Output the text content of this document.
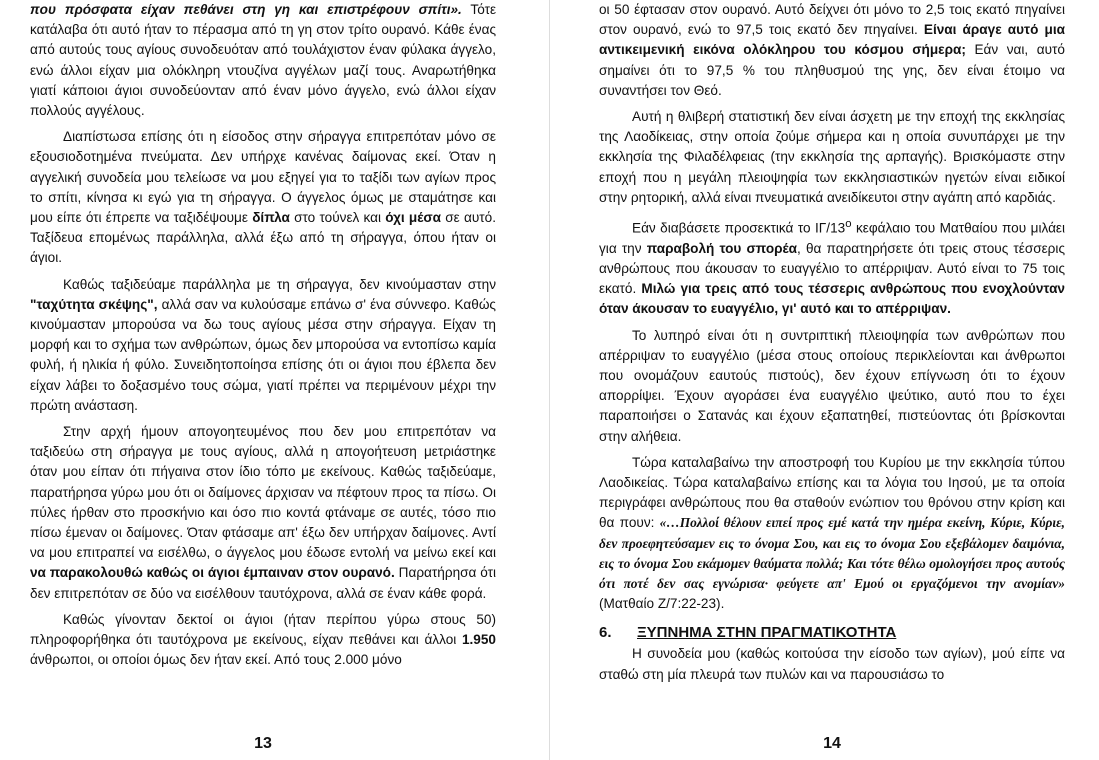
που πρόσφατα είχαν πεθάνει στη γη και επιστρέφουν σπίτι». Τότε κατάλαβα ότι αυτό ήταν το πέρασμα από τη γη στον τρίτο ουρανό. Κάθε ένας από αυτούς τους αγίους συνοδευόταν από τουλάχιστον έναν φύλακα άγγελο, ενώ άλλοι είχαν μια ολόκληρη ντουζίνα αγγέλων μαζί τους. Αναρωτήθηκα γιατί κάποιοι άγιοι συνοδεύονταν από έναν μόνο άγγελο, ενώ άλλοι είχαν πολλούς αγγέλους.

Διαπίστωσα επίσης ότι η είσοδος στην σήραγγα επιτρεπόταν μόνο σε εξουσιοδοτημένα πνεύματα. Δεν υπήρχε κανένας δαίμονας εκεί. Όταν η αγγελική συνοδεία μου τελείωσε να μου εξηγεί για το ταξίδι των αγίων προς το σπίτι, κίνησα κι εγώ για τη σήραγγα. Ο άγγελος όμως με σταμάτησε και μου είπε ότι έπρεπε να ταξιδέψουμε δίπλα στο τούνελ και όχι μέσα σε αυτό. Ταξίδευα επομένως παράλληλα, αλλά έξω από τη σήραγγα, όπου ήταν οι άγιοι.

Καθώς ταξιδεύαμε παράλληλα με τη σήραγγα, δεν κινούμασταν στην "ταχύτητα σκέψης", αλλά σαν να κυλούσαμε επάνω σ' ένα σύννεφο. Καθώς κινούμασταν μπορούσα να δω τους αγίους μέσα στην σήραγγα. Είχαν τη μορφή και το σχήμα των ανθρώπων, όμως δεν μπορούσα να εντοπίσω καμία φυλή, ή ηλικία ή φύλο. Συνειδητοποίησα επίσης ότι οι άγιοι που έβλεπα δεν είχαν λάβει το δοξασμένο τους σώμα, γιατί πρέπει να περιμένουν μέχρι την πρώτη ανάσταση.

Στην αρχή ήμουν απογοητευμένος που δεν μου επιτρεπόταν να ταξιδεύω στη σήραγγα με τους αγίους, αλλά η απογοήτευση μετριάστηκε όταν μου είπαν ότι πήγαινα στον ίδιο τόπο με εκείνους. Καθώς ταξιδεύαμε, παρατήρησα γύρω μου ότι οι δαίμονες άρχισαν να πέφτουν προς τα πίσω. Οι πύλες ήρθαν στο προσκήνιο και όσο πιο κοντά φτάναμε σε αυτές, τόσο πιο πίσω έμεναν οι δαίμονες. Όταν φτάσαμε απ' έξω δεν υπήρχαν δαίμονες. Αντί να μου επιτραπεί να εισέλθω, ο άγγελος μου έδωσε εντολή να μείνω εκεί και να παρακολουθώ καθώς οι άγιοι έμπαιναν στον ουρανό. Παρατήρησα ότι δεν επιτρεπόταν σε δύο να εισέλθουν ταυτόχρονα, αλλά σε έναν κάθε φορά.

Καθώς γίνονταν δεκτοί οι άγιοι (ήταν περίπου γύρω στους 50) πληροφορήθηκα ότι ταυτόχρονα με εκείνους, είχαν πεθάνει και άλλοι 1.950 άνθρωποι, οι οποίοι όμως δεν ήταν εκεί. Από τους 2.000 μόνο

13

οι 50 έφτασαν στον ουρανό. Αυτό δείχνει ότι μόνο το 2,5 τοις εκατό πηγαίνει στον ουρανό, ενώ το 97,5 τοις εκατό δεν πηγαίνει. Είναι άραγε αυτό μια αντικειμενική εικόνα ολόκληρου του κόσμου σήμερα; Εάν ναι, αυτό σημαίνει ότι το 97,5 % του πληθυσμού της γης, δεν είναι έτοιμο να συναντήσει τον Θεό.

Αυτή η θλιβερή στατιστική δεν είναι άσχετη με την εποχή της εκκλησίας της Λαοδίκειας, στην οποία ζούμε σήμερα και η οποία συνυπάρχει με την εκκλησία της Φιλαδέλφειας (την εκκλησία της αρπαγής). Βρισκόμαστε στην εποχή που η μεγάλη πλειοψηφία των εκκλησιαστικών ηγετών είναι ειδικοί στην ρητορική, αλλά είναι πνευματικά ανειδίκευτοι στην αγάπη από καρδιάς.

Εάν διαβάσετε προσεκτικά το $I\Gamma/13^o$ κεφάλαιο του Ματθαίου που μιλάει για την παραβολή του σπορέα, θα παρατηρήσετε ότι τρεις στους τέσσερις ανθρώπους που άκουσαν το ευαγγέλιο το απέρριψαν. Αυτό είναι το 75 τοις εκατό. Μιλώ για τρεις από τους τέσσερις ανθρώπους που ενοχλούνταν όταν άκουσαν το ευαγγέλιο, γι' αυτό και το απέρριψαν.

Το λυπηρό είναι ότι η συντριπτική πλειοψηφία των ανθρώπων που απέρριψαν το ευαγγέλιο (μέσα στους οποίους περικλείονται και άνθρωποι που ονομάζουν εαυτούς πιστούς), δεν έχουν επίγνωση ότι το έχουν απορρίψει. Έχουν αγοράσει ένα ευαγγέλιο ψεύτικο, αυτό που το έχει παραποιήσει ο Σατανάς και έχουν εξαπατηθεί, πιστεύοντας ότι βρίσκονται στην αλήθεια.

Τώρα καταλαβαίνω την αποστροφή του Κυρίου με την εκκλησία τύπου Λαοδικείας. Τώρα καταλαβαίνω επίσης και τα λόγια του Ιησού, με τα οποία περιγράφει ανθρώπους που θα σταθούν ενώπιον του θρόνου στην κρίση και θα πουν: «…Πολλοί θέλουν ειπεί προς εμέ κατά την ημέρα εκείνη, Κύριε, Κύριε, δεν προεφητεύσαμεν εις το όνομα Σου, και εις το όνομα Σου εξεβάλομεν δαιμόνια, εις το όνομα Σου εκάμομεν θαύματα πολλά; Και τότε θέλω ομολογήσει προς αυτούς ότι ποτέ δεν σας εγνώρισα· φεύγετε απ' Εμού οι εργαζόμενοι την ανομίαν» (Ματθαίο Ζ/7:22-23).

6.	ΞΥΠΝΗΜΑ ΣΤΗΝ ΠΡΑΓΜΑΤΙΚΟΤΗΤΑ

Η συνοδεία μου (καθώς κοιτούσα την είσοδο των αγίων), μού είπε να σταθώ στη μία πλευρά των πυλών και να παρουσιάσω το

14
